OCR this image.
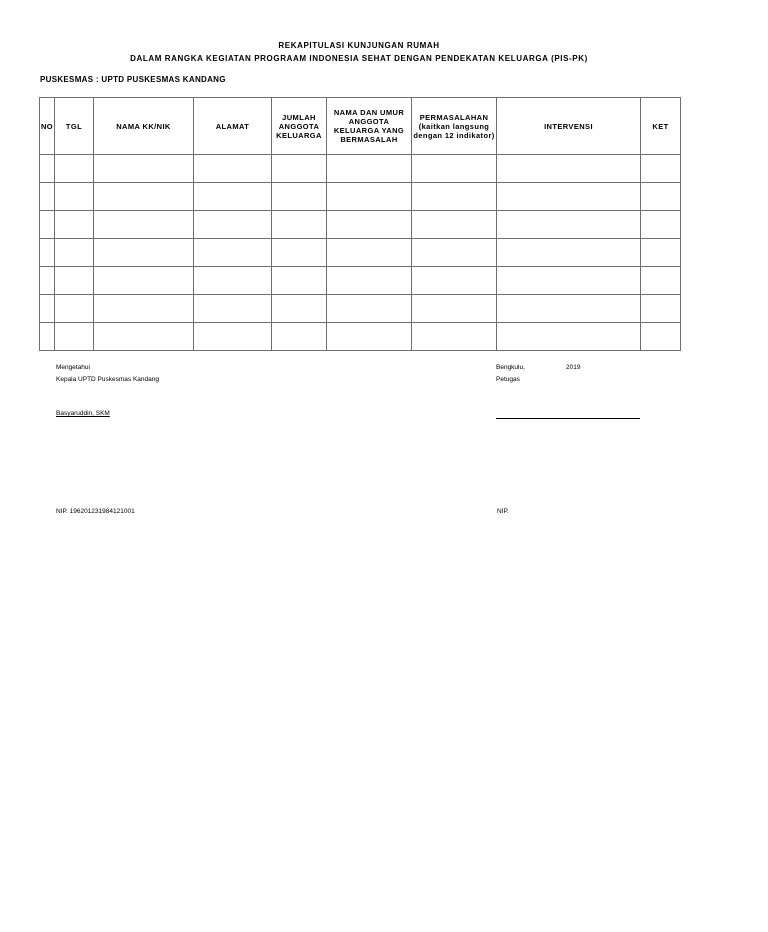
REKAPITULASI KUNJUNGAN RUMAH
DALAM RANGKA KEGIATAN PROGRAAM INDONESIA SEHAT DENGAN PENDEKATAN KELUARGA (PIS-PK)
PUSKESMAS : UPTD PUSKESMAS KANDANG
NO	TGL	NAMA KK/NIK	ALAMAT	JUMLAH ANGGOTA KELUARGA	NAMA DAN UMUR ANGGOTA KELUARGA YANG BERMASALAH	PERMASALAHAN (kaitkan langsung dengan 12 indikator)	INTERVENSI	KET

Mengetahui
Kepala UPTD Puskesmas Kandang
Basyaruddin, SKM
NIP. 196201231984121001
Bengkulu,	2019
Petugas
NIP.
